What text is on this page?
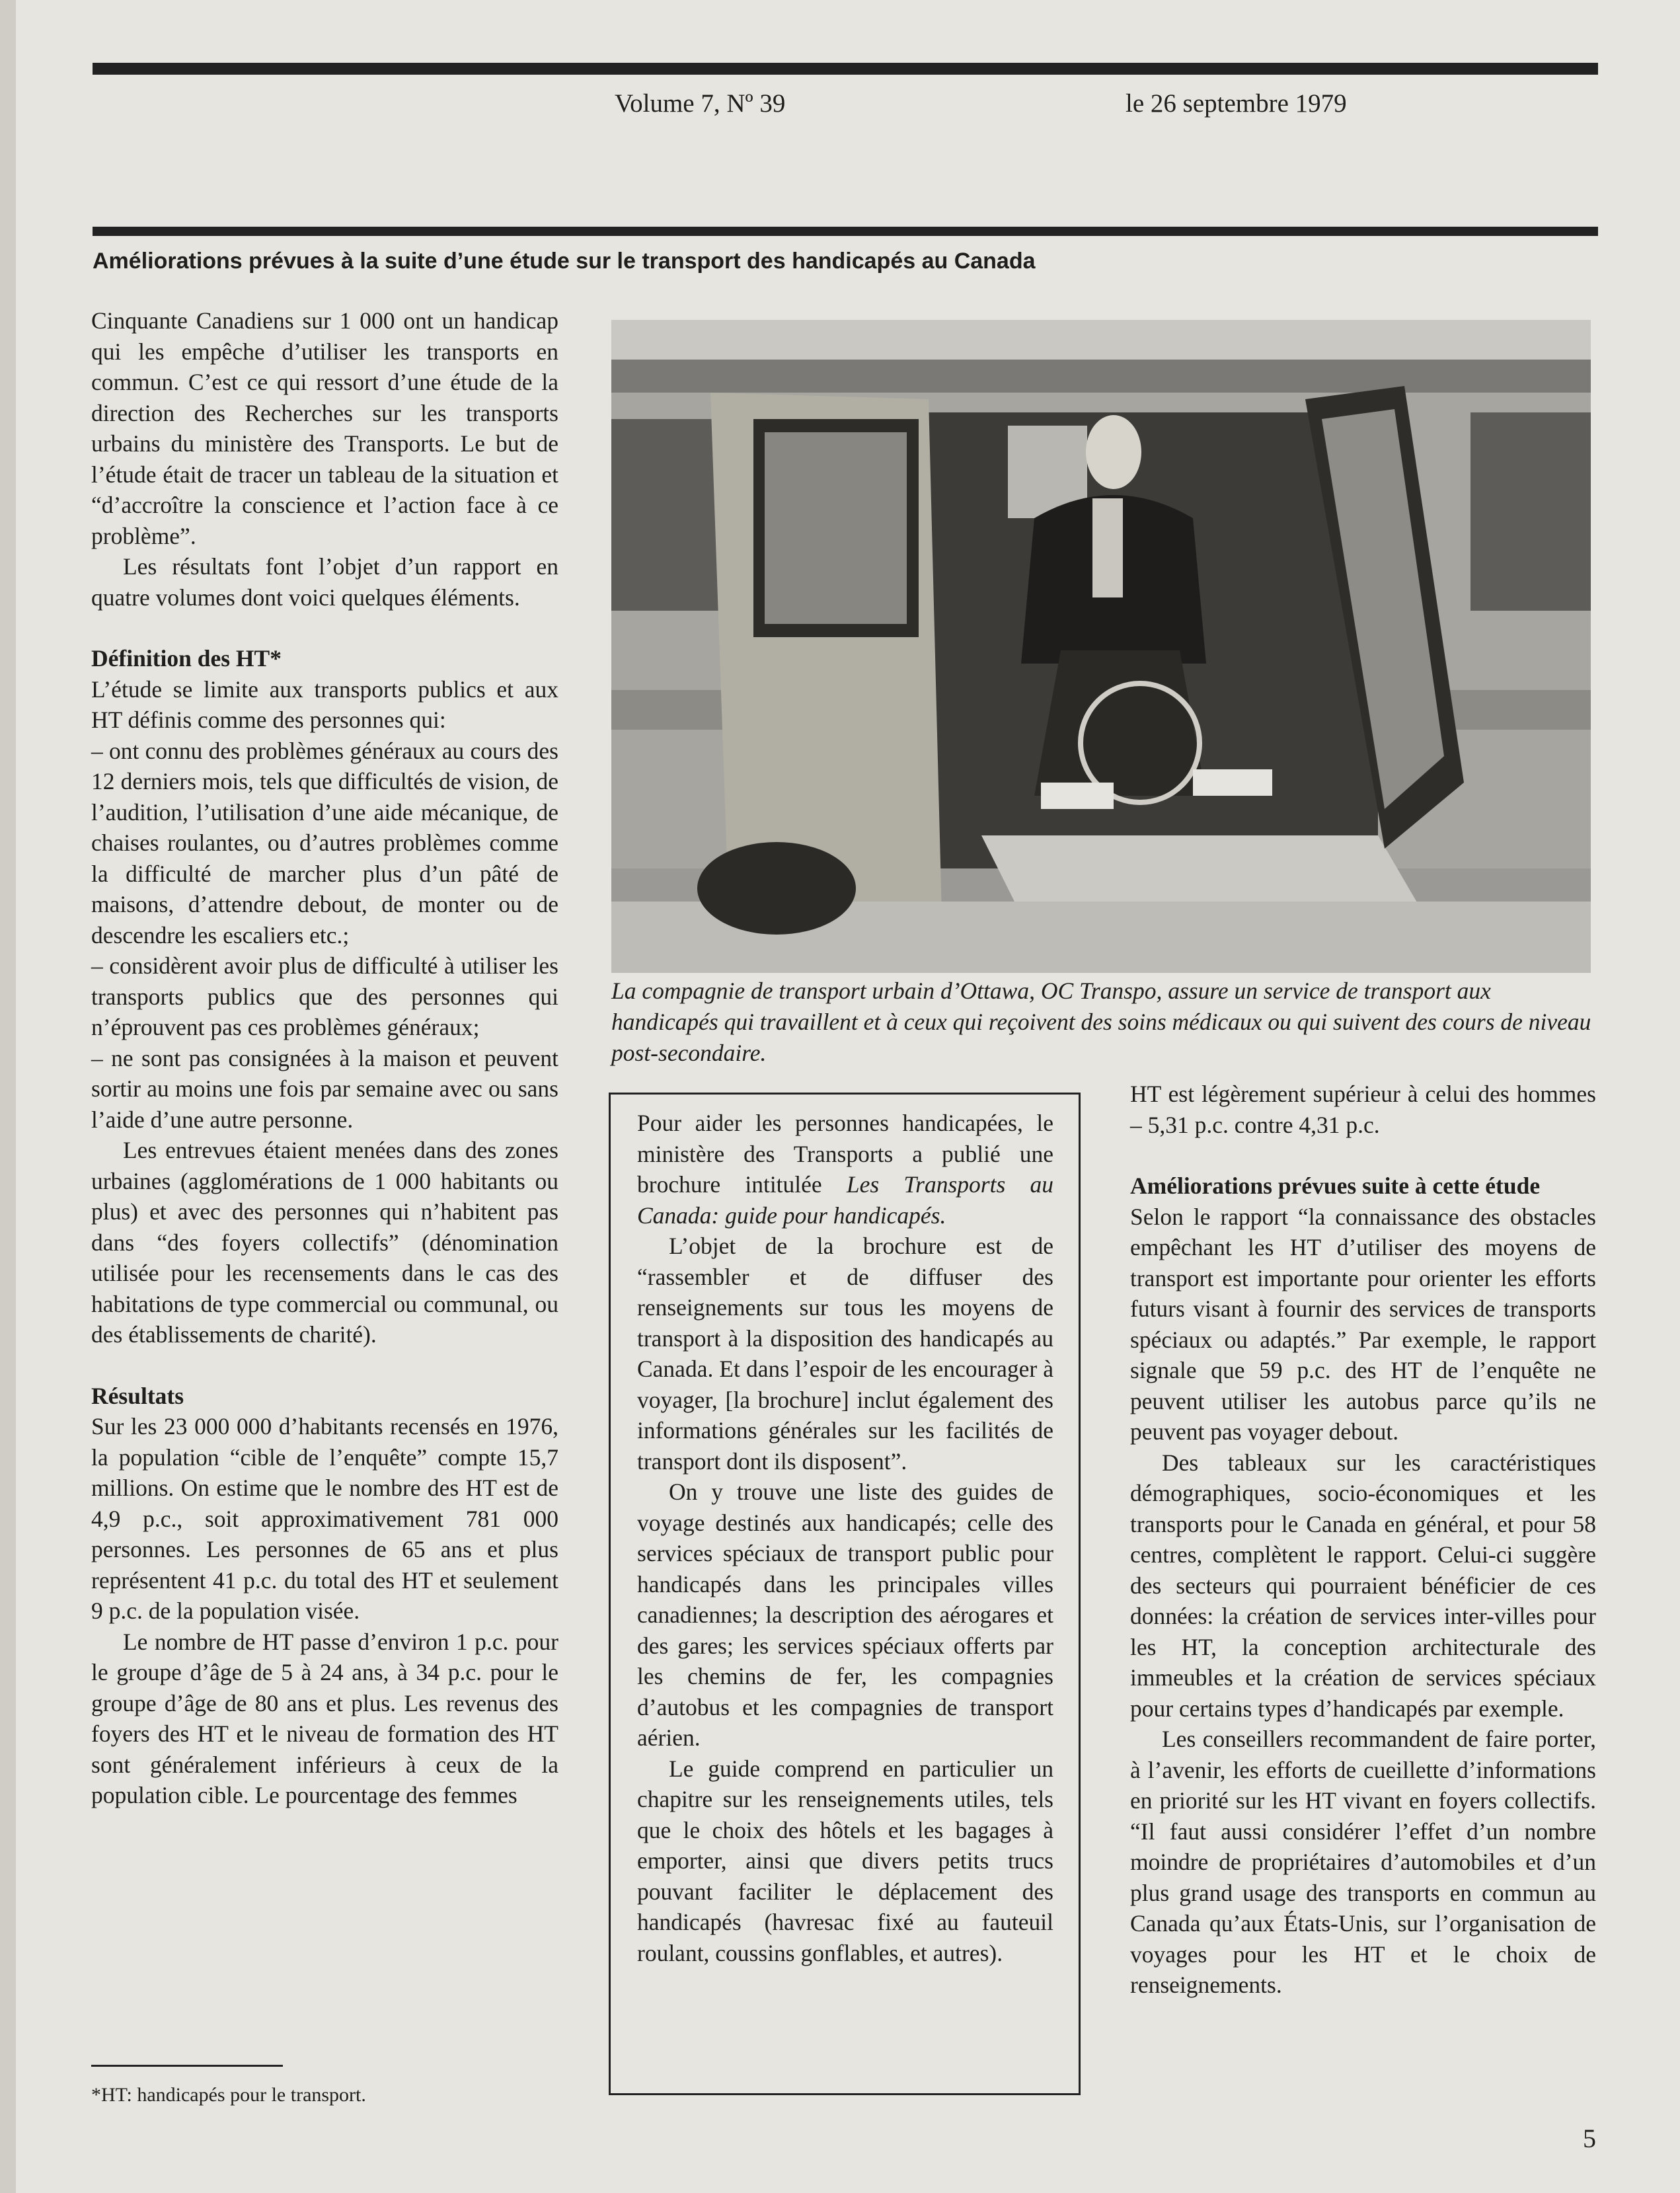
Volume 7, Nº 39	le 26 septembre 1979
Améliorations prévues à la suite d’une étude sur le transport des handicapés au Canada

Cinquante Canadiens sur 1 000 ont un handicap qui les empêche d’utiliser les transports en commun. C’est ce qui ressort d’une étude de la direction des Recherches sur les transports urbains du ministère des Transports. Le but de l’étude était de tracer un tableau de la situation et “d’accroître la conscience et l’action face à ce problème”.

Les résultats font l’objet d’un rapport en quatre volumes dont voici quelques éléments.

Définition des HT*

L’étude se limite aux transports publics et aux HT définis comme des personnes qui:

– ont connu des problèmes généraux au cours des 12 derniers mois, tels que difficultés de vision, de l’audition, l’utilisation d’une aide mécanique, de chaises roulantes, ou d’autres problèmes comme la difficulté de marcher plus d’un pâté de maisons, d’attendre debout, de monter ou de descendre les escaliers etc.;

– considèrent avoir plus de difficulté à utiliser les transports publics que des personnes qui n’éprouvent pas ces problèmes généraux;

– ne sont pas consignées à la maison et peuvent sortir au moins une fois par semaine avec ou sans l’aide d’une autre personne.

Les entrevues étaient menées dans des zones urbaines (agglomérations de 1 000 habitants ou plus) et avec des personnes qui n’habitent pas dans “des foyers collectifs” (dénomination utilisée pour les recensements dans le cas des habitations de type commercial ou communal, ou des établissements de charité).

Résultats

Sur les 23 000 000 d’habitants recensés en 1976, la population “cible de l’enquête” compte 15,7 millions. On estime que le nombre des HT est de 4,9 p.c., soit approximativement 781 000 personnes. Les personnes de 65 ans et plus représentent 41 p.c. du total des HT et seulement 9 p.c. de la population visée.

Le nombre de HT passe d’environ 1 p.c. pour le groupe d’âge de 5 à 24 ans, à 34 p.c. pour le groupe d’âge de 80 ans et plus. Les revenus des foyers des HT et le niveau de formation des HT sont généralement inférieurs à ceux de la population cible. Le pourcentage des femmes

La compagnie de transport urbain d’Ottawa, OC Transpo, assure un service de transport aux handicapés qui travaillent et à ceux qui reçoivent des soins médicaux ou qui suivent des cours de niveau post-secondaire.

Pour aider les personnes handicapées, le ministère des Transports a publié une brochure intitulée Les Transports au Canada: guide pour handicapés.

L’objet de la brochure est de “rassembler et de diffuser des renseignements sur tous les moyens de transport à la disposition des handicapés au Canada. Et dans l’espoir de les encourager à voyager, [la brochure] inclut également des informations générales sur les facilités de transport dont ils disposent”.

On y trouve une liste des guides de voyage destinés aux handicapés; celle des services spéciaux de transport public pour handicapés dans les principales villes canadiennes; la description des aérogares et des gares; les services spéciaux offerts par les chemins de fer, les compagnies d’autobus et les compagnies de transport aérien.

Le guide comprend en particulier un chapitre sur les renseignements utiles, tels que le choix des hôtels et les bagages à emporter, ainsi que divers petits trucs pouvant faciliter le déplacement des handicapés (havresac fixé au fauteuil roulant, coussins gonflables, et autres).

HT est légèrement supérieur à celui des hommes – 5,31 p.c. contre 4,31 p.c.

Améliorations prévues suite à cette étude

Selon le rapport “la connaissance des obstacles empêchant les HT d’utiliser des moyens de transport est importante pour orienter les efforts futurs visant à fournir des services de transports spéciaux ou adaptés.” Par exemple, le rapport signale que 59 p.c. des HT de l’enquête ne peuvent utiliser les autobus parce qu’ils ne peuvent pas voyager debout.

Des tableaux sur les caractéristiques démographiques, socio-économiques et les transports pour le Canada en général, et pour 58 centres, complètent le rapport. Celui-ci suggère des secteurs qui pourraient bénéficier de ces données: la création de services inter-villes pour les HT, la conception architecturale des immeubles et la création de services spéciaux pour certains types d’handicapés par exemple.

Les conseillers recommandent de faire porter, à l’avenir, les efforts de cueillette d’informations en priorité sur les HT vivant en foyers collectifs. “Il faut aussi considérer l’effet d’un nombre moindre de propriétaires d’automobiles et d’un plus grand usage des transports en commun au Canada qu’aux États-Unis, sur l’organisation de voyages pour les HT et le choix de renseignements.

*HT: handicapés pour le transport.
5
